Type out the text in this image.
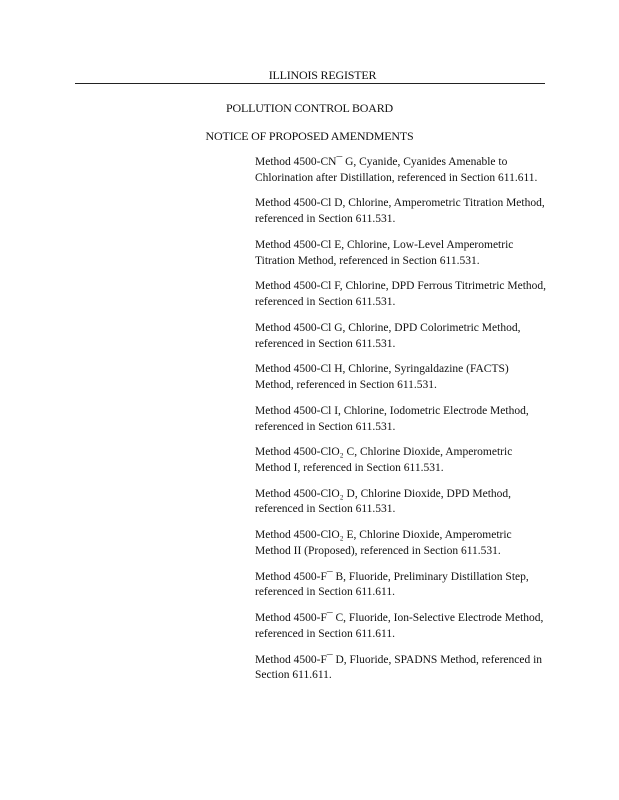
ILLINOIS REGISTER
POLLUTION CONTROL BOARD
NOTICE OF PROPOSED AMENDMENTS

Method 4500-CN¯ G, Cyanide, Cyanides Amenable to Chlorination after Distillation, referenced in Section 611.611.

Method 4500-Cl D, Chlorine, Amperometric Titration Method, referenced in Section 611.531.

Method 4500-Cl E, Chlorine, Low-Level Amperometric Titration Method, referenced in Section 611.531.

Method 4500-Cl F, Chlorine, DPD Ferrous Titrimetric Method, referenced in Section 611.531.

Method 4500-Cl G, Chlorine, DPD Colorimetric Method, referenced in Section 611.531.

Method 4500-Cl H, Chlorine, Syringaldazine (FACTS) Method, referenced in Section 611.531.

Method 4500-Cl I, Chlorine, Iodometric Electrode Method, referenced in Section 611.531.

Method 4500-ClO₂ C, Chlorine Dioxide, Amperometric Method I, referenced in Section 611.531.

Method 4500-ClO₂ D, Chlorine Dioxide, DPD Method, referenced in Section 611.531.

Method 4500-ClO₂ E, Chlorine Dioxide, Amperometric Method II (Proposed), referenced in Section 611.531.

Method 4500-F¯ B, Fluoride, Preliminary Distillation Step, referenced in Section 611.611.

Method 4500-F¯ C, Fluoride, Ion-Selective Electrode Method, referenced in Section 611.611.

Method 4500-F¯ D, Fluoride, SPADNS Method, referenced in Section 611.611.
